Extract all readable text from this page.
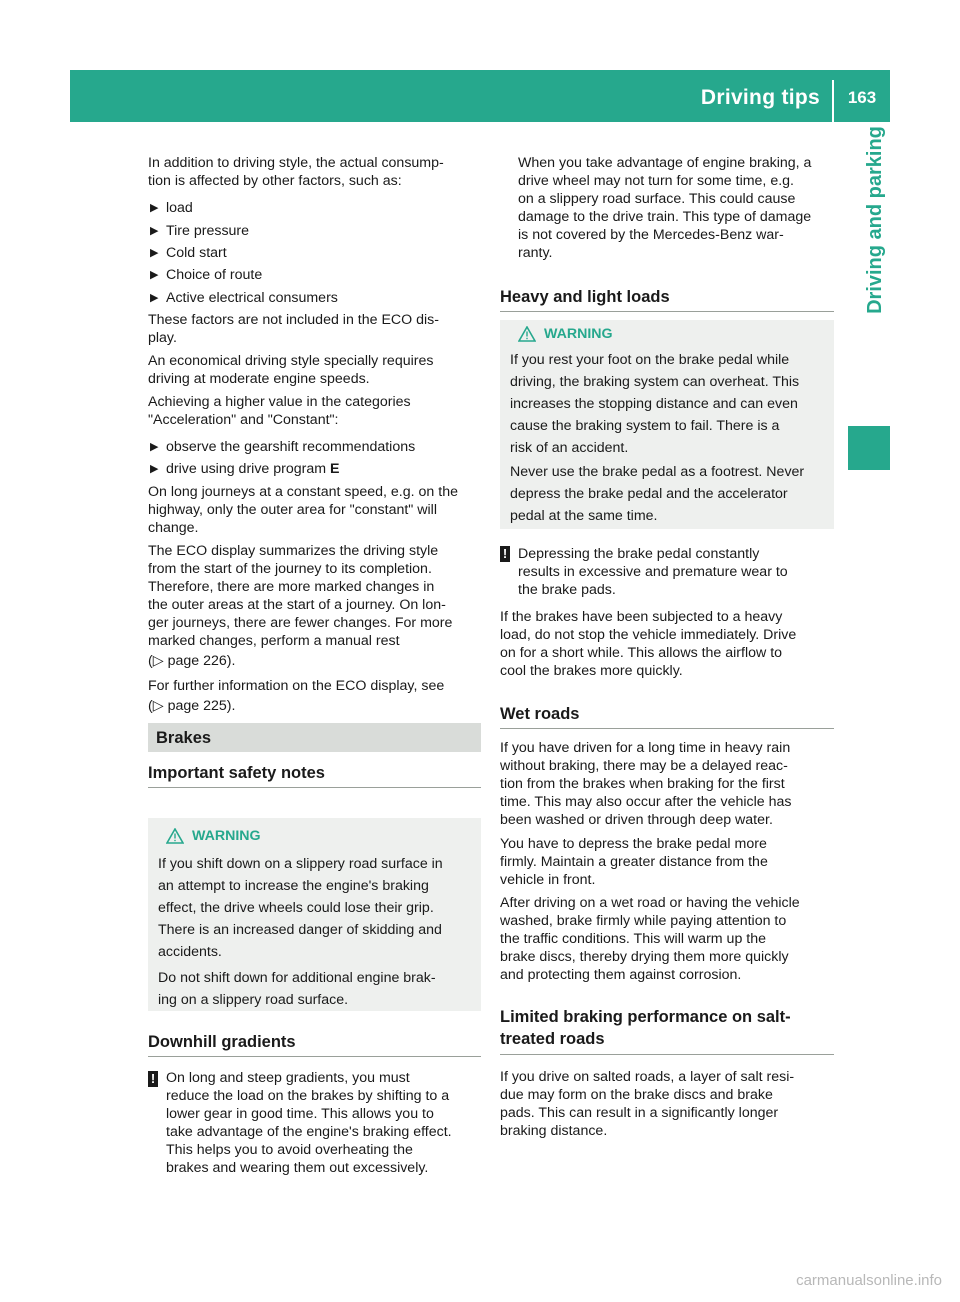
Driving tips	163
Driving and parking

In addition to driving style, the actual consump-

tion is affected by other factors, such as:

▶ load

▶ Tire pressure

▶ Cold start

▶ Choice of route

▶ Active electrical consumers

These factors are not included in the ECO dis-

play.

An economical driving style specially requires

driving at moderate engine speeds.

Achieving a higher value in the categories

"Acceleration" and "Constant":

▶ observe the gearshift recommendations

▶ drive using drive program E

On long journeys at a constant speed, e.g. on the

highway, only the outer area for "constant" will

change.

The ECO display summarizes the driving style

from the start of the journey to its completion.

Therefore, there are more marked changes in

the outer areas at the start of a journey. On lon-

ger journeys, there are fewer changes. For more

marked changes, perform a manual rest

(▷ page 226).

For further information on the ECO display, see

(▷ page 225).

Brakes
Important safety notes
WARNING

If you shift down on a slippery road surface in

an attempt to increase the engine's braking

effect, the drive wheels could lose their grip.

There is an increased danger of skidding and

accidents.

Do not shift down for additional engine brak-

ing on a slippery road surface.

Downhill gradients
! On long and steep gradients, you must

reduce the load on the brakes by shifting to a

lower gear in good time. This allows you to

take advantage of the engine's braking effect.

This helps you to avoid overheating the

brakes and wearing them out excessively.

When you take advantage of engine braking, a

drive wheel may not turn for some time, e.g.

on a slippery road surface. This could cause

damage to the drive train. This type of damage

is not covered by the Mercedes-Benz war-

ranty.

Heavy and light loads
WARNING

If you rest your foot on the brake pedal while

driving, the braking system can overheat. This

increases the stopping distance and can even

cause the braking system to fail. There is a

risk of an accident.

Never use the brake pedal as a footrest. Never

depress the brake pedal and the accelerator

pedal at the same time.

! Depressing the brake pedal constantly

results in excessive and premature wear to

the brake pads.

If the brakes have been subjected to a heavy

load, do not stop the vehicle immediately. Drive

on for a short while. This allows the airflow to

cool the brakes more quickly.

Wet roads

If you have driven for a long time in heavy rain

without braking, there may be a delayed reac-

tion from the brakes when braking for the first

time. This may also occur after the vehicle has

been washed or driven through deep water.

You have to depress the brake pedal more

firmly. Maintain a greater distance from the

vehicle in front.

After driving on a wet road or having the vehicle

washed, brake firmly while paying attention to

the traffic conditions. This will warm up the

brake discs, thereby drying them more quickly

and protecting them against corrosion.

Limited braking performance on salt-
treated roads

If you drive on salted roads, a layer of salt resi-

due may form on the brake discs and brake

pads. This can result in a significantly longer

braking distance.

carmanualsonline.info
